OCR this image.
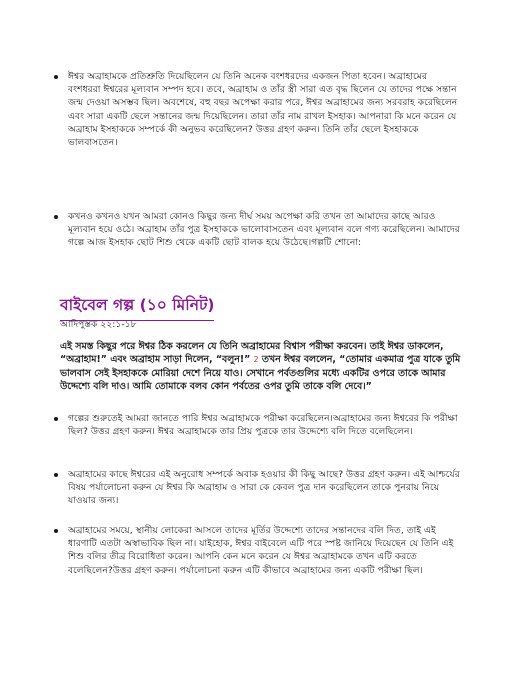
ঈশ্বর অব্রাহামকে প্রতিশ্রুতি দিয়েছিলেন যে তিনি অনেক বংশধরদের একজন পিতা হবেন। অব্রাহামের বংশধররা ঈশ্বরের মূল্যবান সম্পদ হবে। তবে, অব্রাহাম ও তাঁর স্ত্রী সারা এত বৃদ্ধ ছিলেন যে তাদের পক্ষে সন্তান জন্ম দেওয়া অসম্ভব ছিল। অবশেষে, বহু বছর অপেক্ষা করার পরে, ঈশ্বর অব্রাহামের জন্য সরবরাহ করেছিলেন এবং সারা একটি ছেলে সন্তানের জন্ম দিয়েছিলেন। তারা তাঁর নাম রাখল ইসহাক। আপনারা কি মনে করেন যে অব্রাহাম ইসহাককে সম্পর্কে কী অনুভব করেছিলেন? উত্তর গ্রহণ করুন। তিনি তাঁর ছেলে ইসহাককে ভালবাসতেন।

কখনও কখনও যখন আমরা কোনও কিছুর জন্য দীর্ঘ সময় অপেক্ষা করি তখন তা আমাদের কাছে আরও মূল্যবান হয়ে ওঠে। অব্রাহাম তাঁর পুত্র ইসহাককে ভালোবাসতেন এবং মূল্যবান বলে গণ্য করেছিলেন। আমাদের গল্পে আজ ইসহাক ছোট শিশু থেকে একটি ছোট বালক হয়ে উঠেছে।গল্পটি শোনো:

বাইবেল গল্প (১০ মিনিট)
আদিপুস্তক ২২:১-১৮

এই সমস্ত কিছুর পরে ঈশ্বর ঠিক করলেন যে তিনি অব্রাহামের বিশ্বাস পরীক্ষা করবেন। তাই ঈশ্বর ডাকলেন, “অব্রাহাম!” এবং অব্রাহাম সাড়া দিলেন, “বলুন!” 2 তখন ঈশ্বর বললেন, “তোমার একমাত্র পুত্র যাকে তুমি ভালবাস সেই ইসহাককে মোরিয়া দেশে নিয়ে যাও। সেখানে পর্বতগুলির মধ্যে একটির ওপরে তাকে আমার উদ্দেশ্যে বলি দাও। আমি তোমাকে বলব কোন পর্বতের ওপর তুমি তাকে বলি দেবে।”

গল্পের শুরুতেই আমরা জানতে পারি ঈশ্বর অব্রাহামকে পরীক্ষা করেছিলেন।অব্রাহামের জন্য ঈশ্বরের কি পরীক্ষা ছিল? উত্তর গ্রহণ করুন। ঈশ্বর অব্রাহামকে তার প্রিয় পুত্রকে তার উদ্দেশ্যে বলি দিতে বলেছিলেন।

অব্রাহামের কাছে ঈশ্বরের এই অনুরোধ সম্পর্কে অবাক হওয়ার কী কিছু আছে? উত্তর গ্রহণ করুন। এই আশ্চর্যের বিষয় পর্যালোচনা করুন যে ঈশ্বর কি অব্রাহাম ও সারা কে কেবল পুত্র দান করেছিলেন তাকে পুনরায় নিয়ে যাওয়ার জন্য।

অব্রাহামের সময়ে, স্থানীয় লোকেরা আসলে তাদের মূর্তির উদ্দেশ্যে তাদের সন্তানদের বলি দিত, তাই এই ধারণাটি এতটা অস্বাভাবিক ছিল না। যাইহোক, ঈশ্বর বাইবেলে এটি পরে স্পষ্ট জানিয়ে দিয়েছেন যে তিনি এই শিশু বলির তীব্র বিরোধিতা করেন। আপনি কেন মনে করেন যে ঈশ্বর অব্রাহামকে তখন এটি করতে বলেছিলেন?উত্তর গ্রহণ করুন। পর্যালোচনা করুন এটি কীভাবে অব্রাহামের জন্য একটি পরীক্ষা ছিল।
